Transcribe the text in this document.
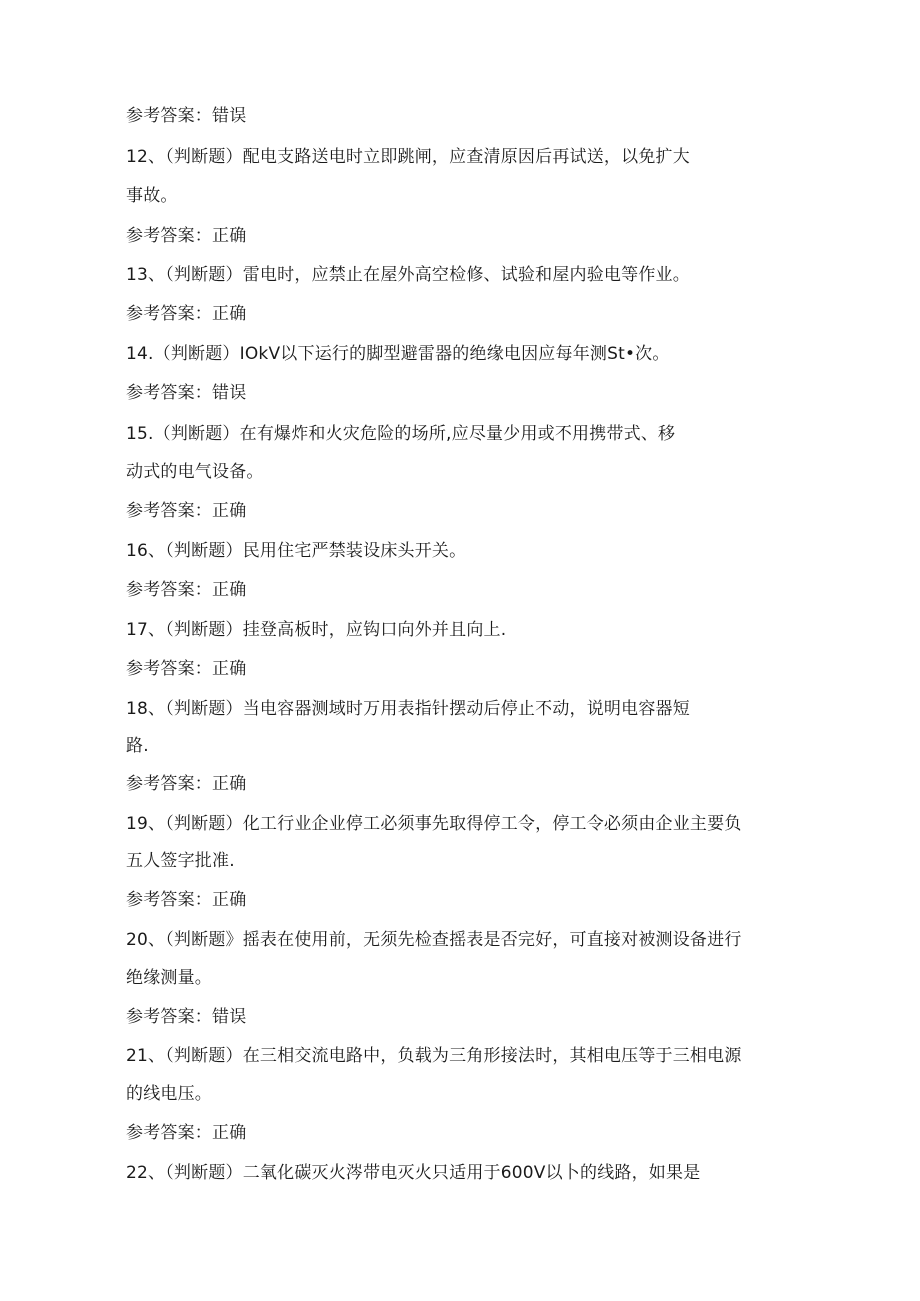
参考答案：错误
12、（判断题）配电支路送电时立即跳闸，应查清原因后再试送，以免扩大
事故。
参考答案：正确
13、（判断题）雷电时，应禁止在屋外高空检修、试验和屋内验电等作业。
参考答案：正确
14.（判断题）IOkV以下运行的脚型避雷器的绝缘电因应每年测St•次。
参考答案：错误
15.（判断题）在有爆炸和火灾危险的场所,应尽量少用或不用携带式、移
动式的电气设备。
参考答案：正确
16、（判断题）民用住宅严禁装设床头开关。
参考答案：正确
17、（判断题）挂登高板时，应钩口向外并且向上.
参考答案：正确
18、（判断题）当电容器测域时万用表指针摆动后停止不动，说明电容器短
路.
参考答案：正确
19、（判断题）化工行业企业停工必须事先取得停工令，停工令必须由企业主要负
五人签字批准.
参考答案：正确
20、（判断题》摇表在使用前，无须先检查摇表是否完好，可直接对被测设备进行
绝缘测量。
参考答案：错误
21、（判断题）在三相交流电路中，负载为三角形接法时，其相电压等于三相电源
的线电压。
参考答案：正确
22、（判断题）二氧化碳灭火涔带电灭火只适用于600V以卜的线路，如果是
